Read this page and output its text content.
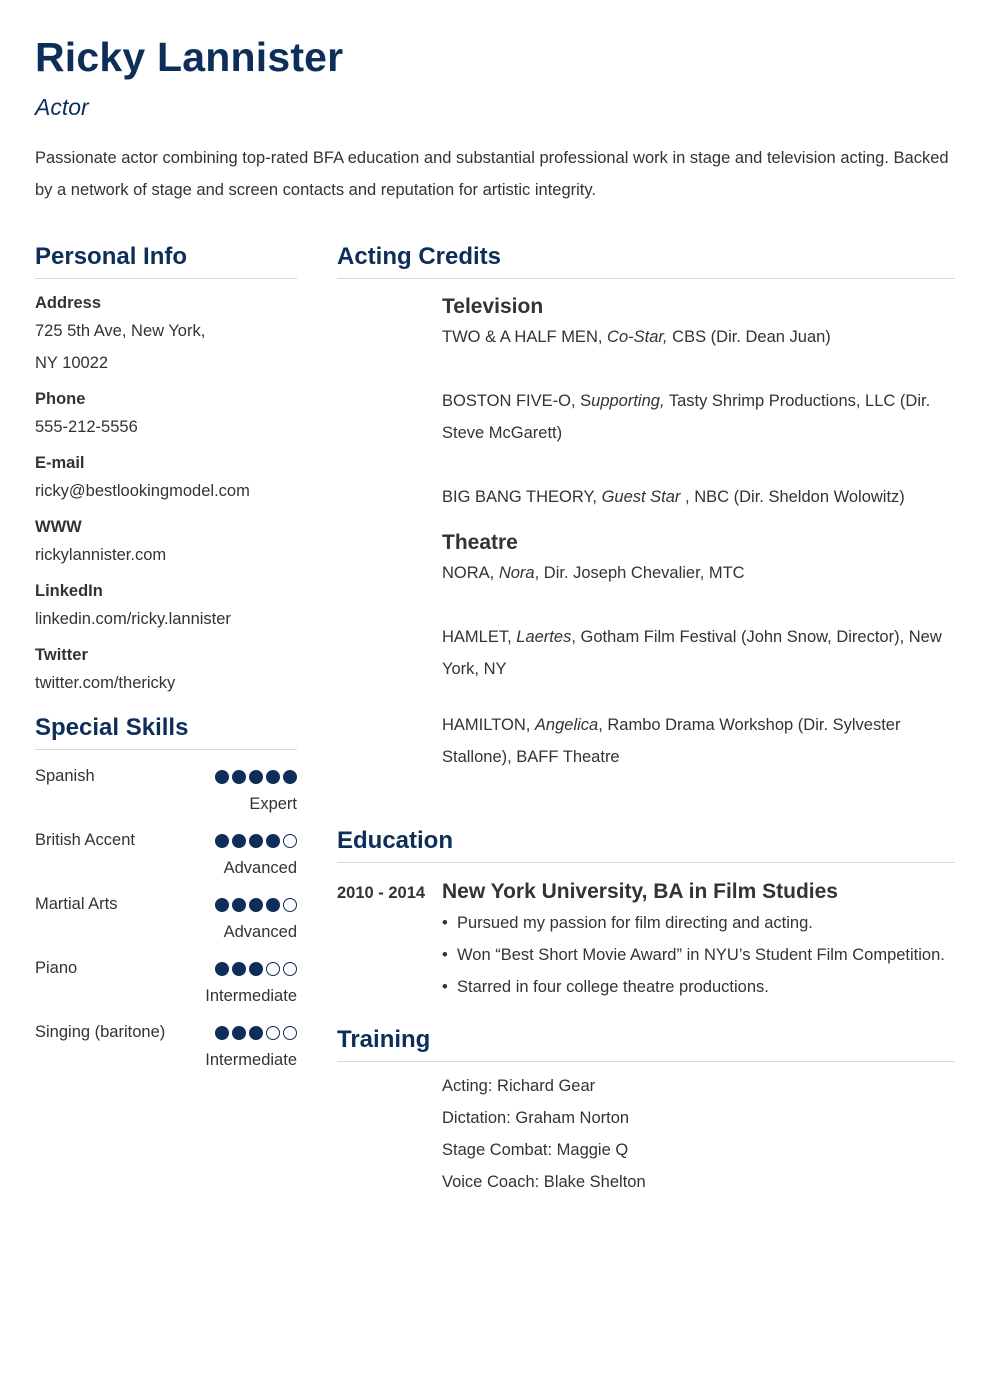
Ricky Lannister
Actor

Passionate actor combining top-rated BFA education and substantial professional work in stage and television acting. Backed by a network of stage and screen contacts and reputation for artistic integrity.

Personal Info
Address
725 5th Ave, New York,
NY 10022
Phone
555-212-5556
E-mail
ricky@bestlookingmodel.com
WWW
rickylannister.com
LinkedIn
linkedin.com/ricky.lannister
Twitter
twitter.com/thericky
Special Skills
Spanish
Expert
British Accent
Advanced
Martial Arts
Advanced
Piano
Intermediate
Singing (baritone)
Intermediate
Acting Credits
Television
TWO & A HALF MEN, Co-Star, CBS (Dir. Dean Juan)
BOSTON FIVE-O, Supporting, Tasty Shrimp Productions, LLC (Dir. Steve McGarett)
BIG BANG THEORY, Guest Star , NBC (Dir. Sheldon Wolowitz)
Theatre
NORA, Nora, Dir. Joseph Chevalier, MTC
HAMLET, Laertes, Gotham Film Festival (John Snow, Director), New York, NY
HAMILTON, Angelica, Rambo Drama Workshop (Dir. Sylvester Stallone), BAFF Theatre
Education
2010 - 2014 New York University, BA in Film Studies
• Pursued my passion for film directing and acting.
• Won “Best Short Movie Award” in NYU’s Student Film Competition.
• Starred in four college theatre productions.
Training
Acting: Richard Gear
Dictation: Graham Norton
Stage Combat: Maggie Q
Voice Coach: Blake Shelton
